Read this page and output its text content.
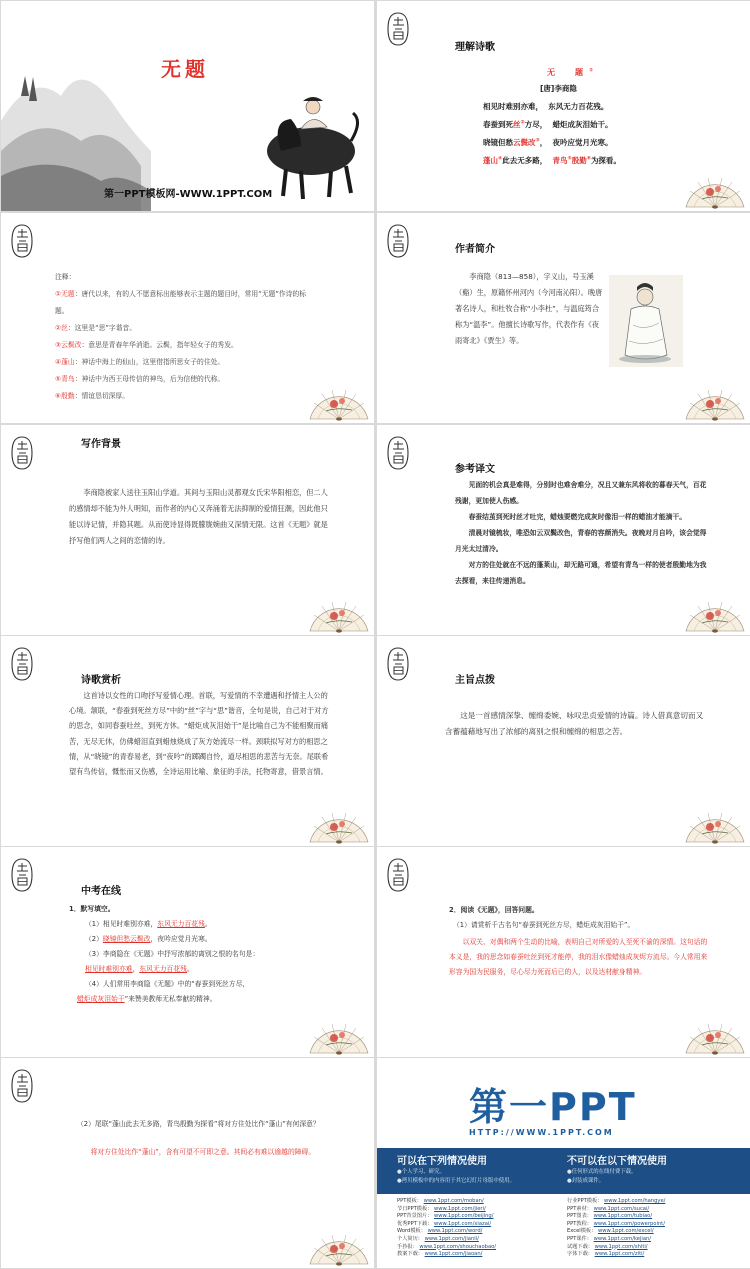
无题
第一PPT模板网-WWW.1PPT.COM
理解诗歌
无　题①
[唐]李商隐
相见时难别亦难， 东风无力百花残。
春蚕到死丝②方尽， 蜡炬成灰泪始干。
晓镜但愁云鬓改③， 夜吟应觉月光寒。
蓬山④此去无多路， 青鸟⑤殷勤⑥为探看。
注释：
①无题：唐代以来，有的人不愿意标出能够表示主题的题目时，常用“无题”作诗的标题。
②丝：这里是“思”字谐音。
③云鬓改：意思是青春年华消逝。云鬓，指年轻女子的秀发。
④蓬山：神话中海上的仙山，这里借指所思女子的住处。
⑤青鸟：神话中为西王母传信的神鸟，后为信使的代称。
⑥殷勤：情谊恳切深厚。
作者简介

李商隐（813—858），字义山，号玉溪（谿）生，原籍怀州河内（今河南沁阳）。晚唐著名诗人，和杜牧合称“小李杜”，与温庭筠合称为“温李”。他擅长诗歌写作，代表作有《夜雨寄北》《贾生》等。

写作背景

李商隐被家人送往玉阳山学道。其间与玉阳山灵都观女氏宋华阳相恋，但二人的感情却不能为外人明知，而作者的内心又奔涌着无法抑制的爱情狂潮，因此他只能以诗记情，并隐其题。从而使诗显得既朦胧婉曲又深情无限。这首《无题》就是抒写他们两人之间的恋情的诗。

参考译文

见面的机会真是难得，分别时也难舍难分，况且又兼东风将收的暮春天气，百花残谢，更加使人伤感。

春蚕结茧到死时丝才吐完，蜡烛要燃完成灰时像泪一样的蜡油才能滴干。

清晨对镜梳妆，唯恐如云双鬓改色，青春的容颜消失。夜晚对月自吟，该会觉得月光太过清冷。

对方的住处就在不远的蓬莱山，却无路可通，希望有青鸟一样的使者殷勤地为我去探看，来往传递消息。

诗歌赏析

这首诗以女性的口吻抒写爱情心理。首联，写爱情的不幸遭遇和抒情主人公的心境。颔联，“春蚕到死丝方尽”中的“丝”字与“思”谐音，全句是说，自己对于对方的思念，如同春蚕吐丝，到死方休。“蜡炬成灰泪始干”是比喻自己为不能相聚而痛苦，无尽无休，仿佛蜡泪直到蜡烛烧成了灰方始流尽一样。颈联拟写对方的相思之情，从“晓镜”的青春易老，到“夜吟”的踯躅自怜，道尽相思的悲苦与无奈。尾联希望有鸟传信，慨怅而又伤感，全诗运用比喻、象征的手法，托物寄意，借景言情。

主旨点拨

这是一首感情深挚、缠绵委婉、咏叹忠贞爱情的诗篇。诗人借真意切而又含蓄蕴藉地写出了浓郁的离别之恨和缠绵的相思之苦。

中考在线
1．默写填空。
（1）相见时难别亦难，东风无力百花残。
（2）晓镜但愁云鬓改，夜吟应觉月光寒。
（3）李商隐在《无题》中抒写浓郁的离别之恨的名句是：
相见时难别亦难，东风无力百花残。
（4）人们常用李商隐《无题》中的“春蚕到死丝方尽，
蜡炬成灰泪始干”来赞美教师无私奉献的精神。
2．阅读《无题》，回答问题。
（1）请赏析千古名句“春蚕到死丝方尽，蜡炬成灰泪始干”。
以双关、对偶和两个生动的比喻，表明自己对所爱的人至死不渝的深情。这句话的本义是，我的思念如春蚕吐丝到死才能停，我的泪水像蜡烛成灰烬方流尽。今人常用来形容为国为民服务，尽心尽力死而后已的人，以及达材献身精神。
（2）尾联“蓬山此去无多路，青鸟殷勤为探看”将对方住处比作“蓬山”有何深意？
将对方住处比作“蓬山”，含有可望不可即之意。其间必有难以逾越的障碍。
第一PPT
HTTP://WWW.1PPT.COM
可以在下列情况使用
●个人学习、研究。
●拷贝模板中的内容用于其它幻灯片母版中使用。
不可以在以下情况使用
●任何形式的在线付费下载。
●封装成课件。
PPT模板： www.1ppt.com/moban/
节日PPT模板： www.1ppt.com/jieri/
PPT背景图片： www.1ppt.com/beijing/
优秀PPT下载： www.1ppt.com/xiazai/
Word模板： www.1ppt.com/word/
个人简历： www.1ppt.com/jianli/
手抄报： www.1ppt.com/shouchaobao/
教案下载： www.1ppt.com/jiaoan/
行业PPT模板： www.1ppt.com/hangye/
PPT素材： www.1ppt.com/sucai/
PPT图表： www.1ppt.com/tubiao/
PPT教程： www.1ppt.com/powerpoint/
Excel模板： www.1ppt.com/excel/
PPT课件： www.1ppt.com/kejian/
试题下载： www.1ppt.com/shiti/
字体下载： www.1ppt.com/ziti/
